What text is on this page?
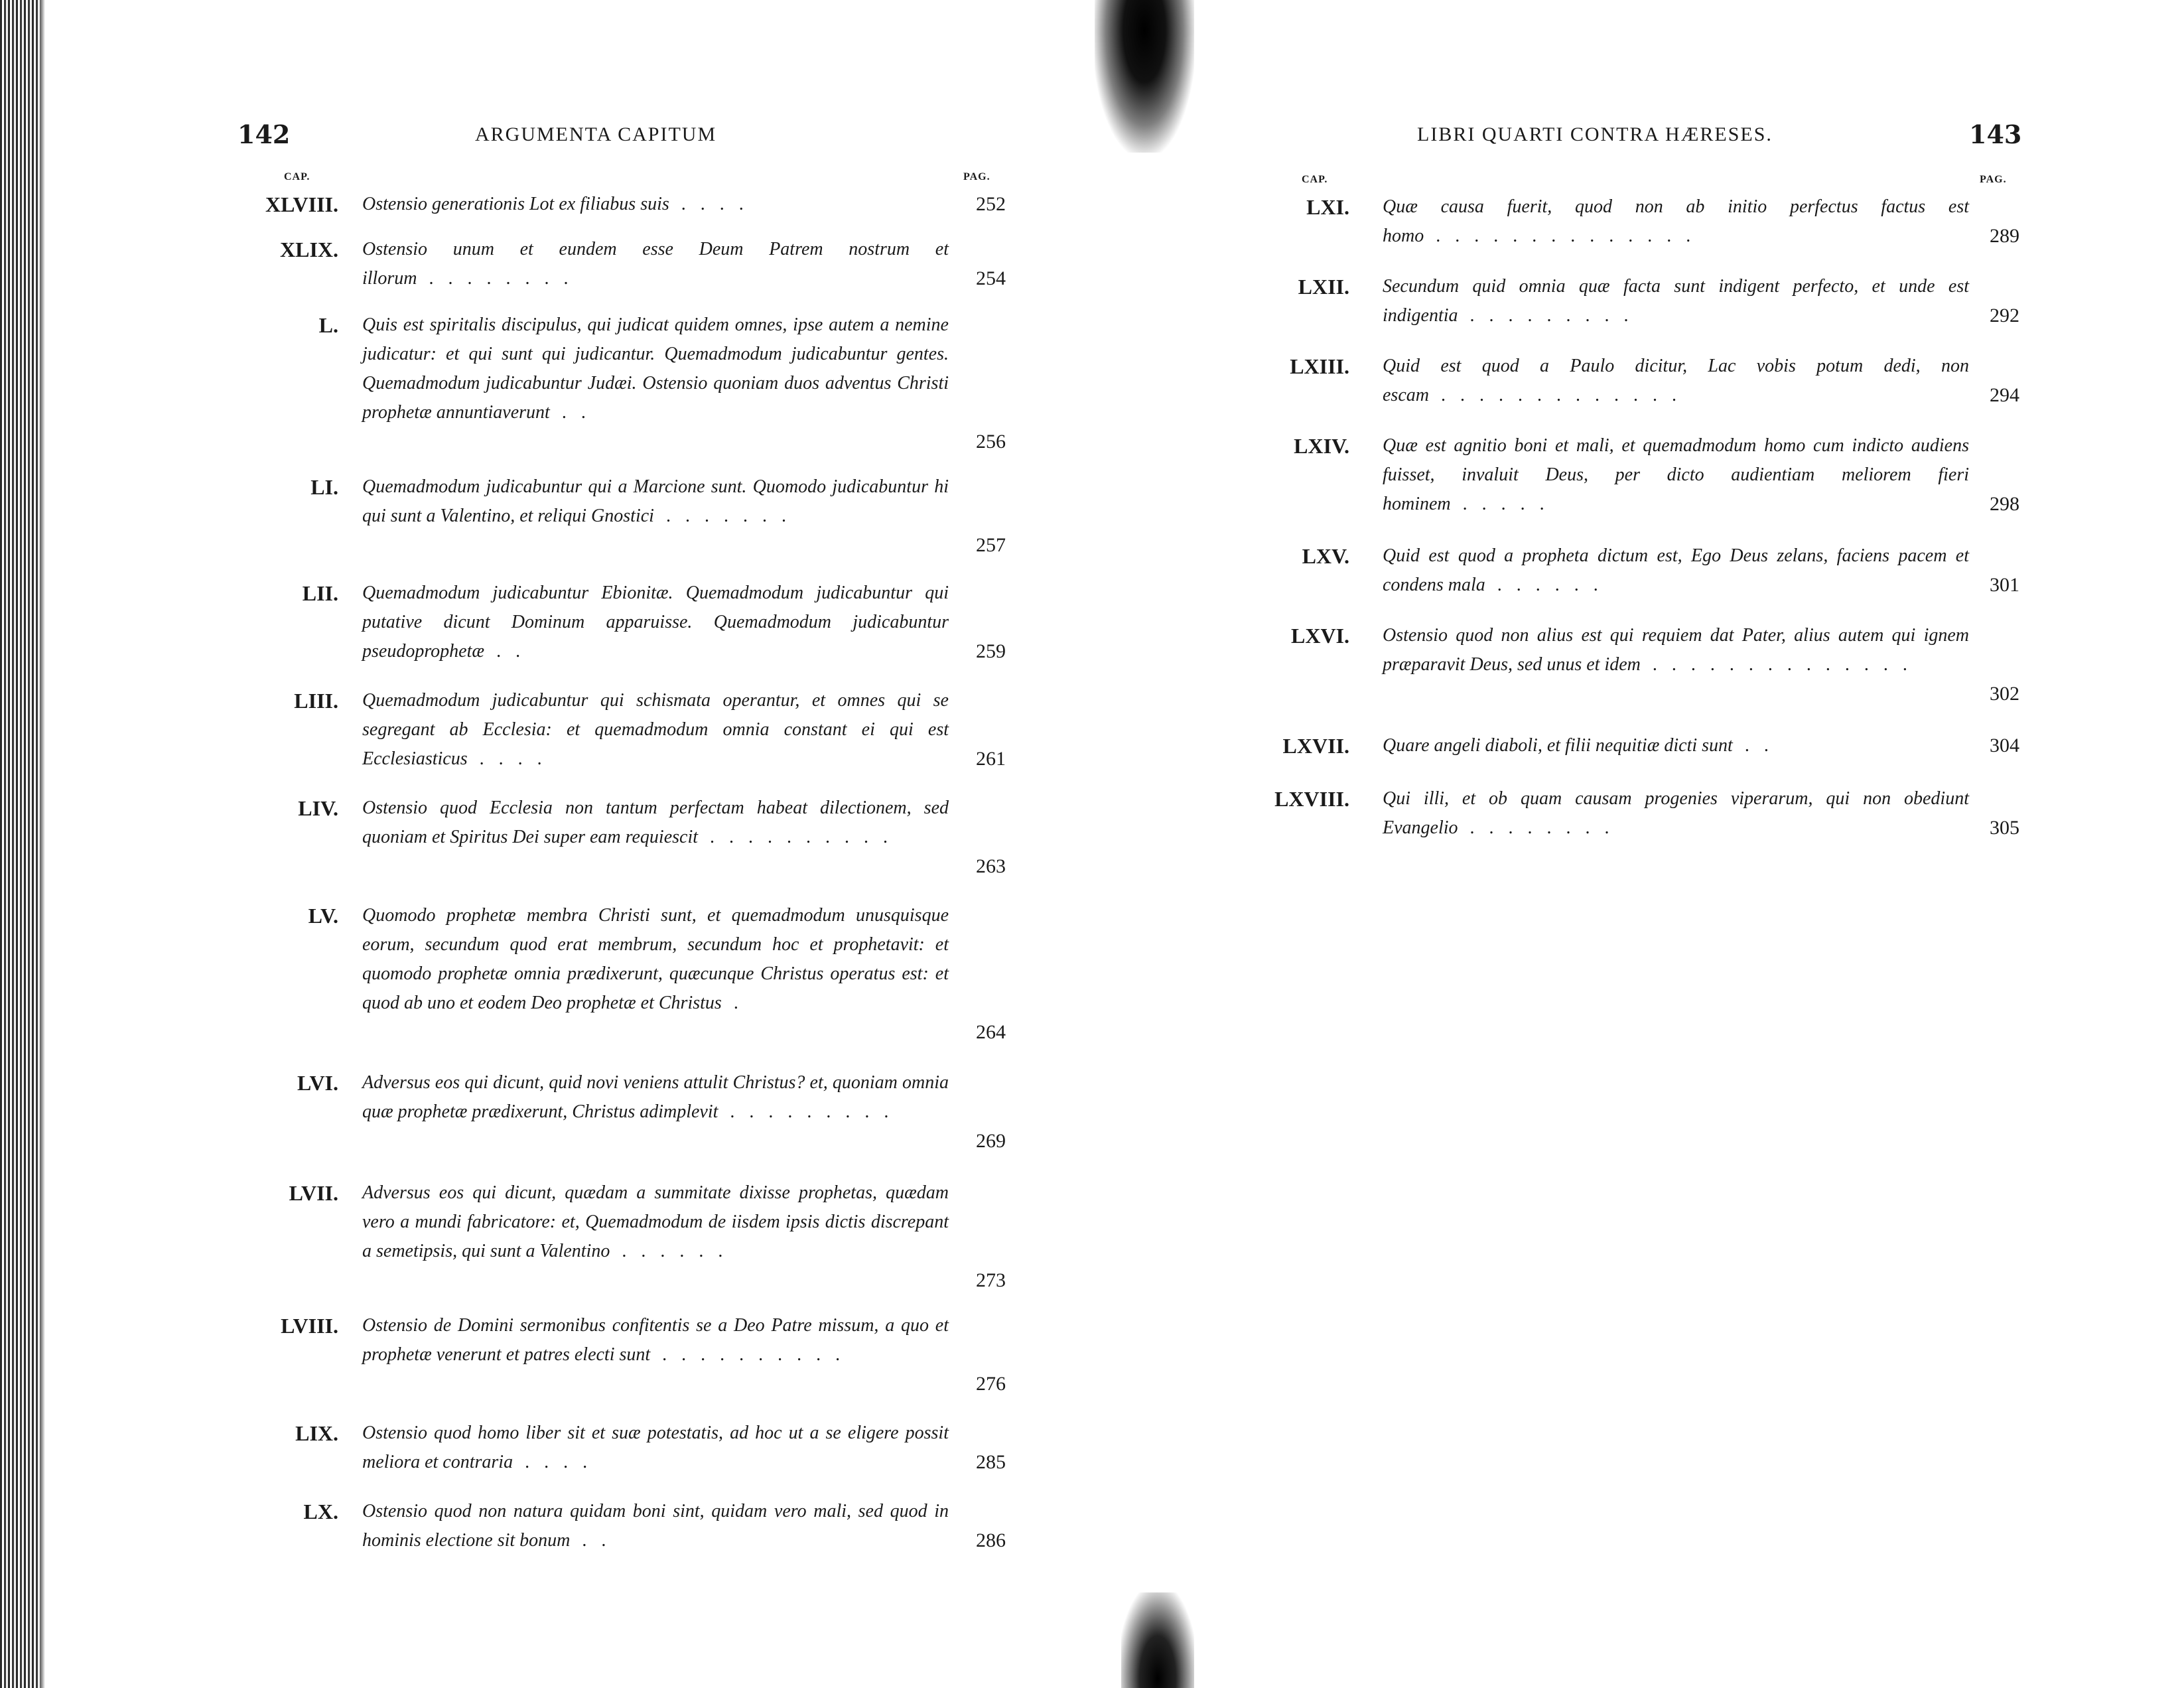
142	ARGUMENTA CAPITUM
CAP.	PAG.
XLVIII. Ostensio generationis Lot ex filiabus suis ....	252
XLIX. Ostensio unum et eundem esse Deum Patrem nostrum et illorum ........	254
L. Quis est spiritalis discipulus, qui judicat quidem omnes, ipse autem a nemine judicatur: et qui sunt qui judicantur. Quemadmodum judicabuntur gentes. Quemadmodum judicabuntur Judæi. Ostensio quoniam duos adventus Christi prophetæ annuntiaverunt ..
256
LI. Quemadmodum judicabuntur qui a Marcione sunt. Quomodo judicabuntur hi qui sunt a Valentino, et reliqui Gnostici .......
257
LII. Quemadmodum judicabuntur Ebionitæ. Quemadmodum judicabuntur qui putative dicunt Dominum apparuisse. Quemadmodum judicabuntur pseudoprophetæ ..	259
LIII. Quemadmodum judicabuntur qui schismata operantur, et omnes qui se segregant ab Ecclesia: et quemadmodum omnia constant ei qui est Ecclesiasticus ....	261
LIV. Ostensio quod Ecclesia non tantum perfectam habeat dilectionem, sed quoniam et Spiritus Dei super eam requiescit ..........
263
LV. Quomodo prophetæ membra Christi sunt, et quemadmodum unusquisque eorum, secundum quod erat membrum, secundum hoc et prophetavit: et quomodo prophetæ omnia prædixerunt, quæcunque Christus operatus est: et quod ab uno et eodem Deo prophetæ et Christus .
264
LVI. Adversus eos qui dicunt, quid novi veniens attulit Christus? et, quoniam omnia quæ prophetæ prædixerunt, Christus adimplevit .........
269
LVII. Adversus eos qui dicunt, quædam a summitate dixisse prophetas, quædam vero a mundi fabricatore: et, Quemadmodum de iisdem ipsis dictis discrepant a semetipsis, qui sunt a Valentino ......
273
LVIII. Ostensio de Domini sermonibus confitentis se a Deo Patre missum, a quo et prophetæ venerunt et patres electi sunt ..........
276
LIX. Ostensio quod homo liber sit et suæ potestatis, ad hoc ut a se eligere possit meliora et contraria ....	285
LX. Ostensio quod non natura quidam boni sint, quidam vero mali, sed quod in hominis electione sit bonum ..	286
LIBRI QUARTI CONTRA HÆRESES.	143
CAP.	PAG.
LXI. Quæ causa fuerit, quod non ab initio perfectus factus est homo ..............	289
LXII. Secundum quid omnia quæ facta sunt indigent perfecto, et unde est indigentia .........	292
LXIII. Quid est quod a Paulo dicitur, Lac vobis potum dedi, non escam .............	294
LXIV. Quæ est agnitio boni et mali, et quemadmodum homo cum indicto audiens fuisset, invaluit Deus, per dicto audientiam meliorem fieri hominem .....	298
LXV. Quid est quod a propheta dictum est, Ego Deus zelans, faciens pacem et condens mala ......	301
LXVI. Ostensio quod non alius est qui requiem dat Pater, alius autem qui ignem præparavit Deus, sed unus et idem ..............
302
LXVII. Quare angeli diaboli, et filii nequitiæ dicti sunt ..	304
LXVIII. Qui illi, et ob quam causam progenies viperarum, qui non obediunt Evangelio ........	305
